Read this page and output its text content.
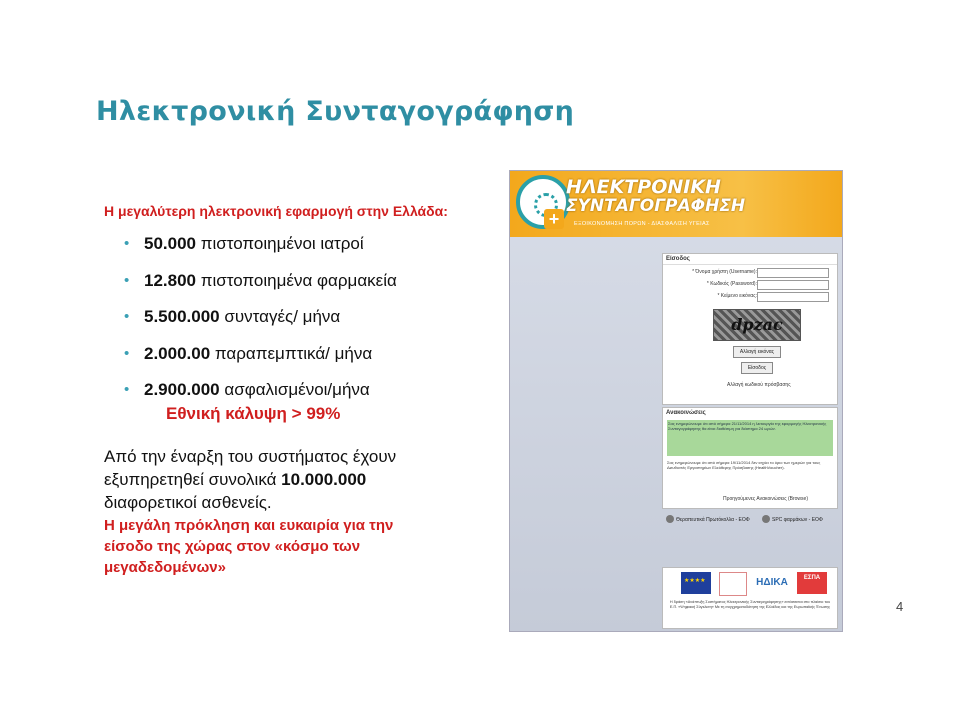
Ηλεκτρονική Συνταγογράφηση
Η μεγαλύτερη ηλεκτρονική εφαρμογή στην Ελλάδα:
• 50.000 πιστοποιημένοι ιατροί
• 12.800 πιστοποιημένα φαρμακεία
• 5.500.000 συνταγές/ μήνα
• 2.000.00 παραπεμπτικά/ μήνα
• 2.900.000 ασφαλισμένοι/μήνα
Εθνική κάλυψη > 99%
Από την έναρξη του συστήματος έχουν εξυπηρετηθεί συνολικά 10.000.000 διαφορετικοί ασθενείς.
Η μεγάλη πρόκληση και ευκαιρία για την είσοδο της χώρας στον «κόσμο των μεγαδεδομένων»
4
+
ΗΛΕΚΤΡΟΝΙΚΗ
ΣΥΝΤΑΓΟΓΡΑΦΗΣΗ
ΕΞΟΙΚΟΝΟΜΗΣΗ ΠΟΡΩΝ - ΔΙΑΣΦΑΛΙΣΗ ΥΓΕΙΑΣ
Είσοδος
* Όνομα χρήστη (Username):
* Κωδικός (Password):
* Κείμενο εικόνας:
dpzac
Αλλαγή εικόνας
Είσοδος
Αλλαγή κωδικού πρόσβασης
Ανακοινώσεις
Σας ενημερώνουμε ότι από σήμερα 21/11/2014 η λειτουργία της εφαρμογής Ηλεκτρονικής Συνταγογράφησης θα είναι διαθέσιμη για διάστημα 24 ωρών.
Σας ενημερώνουμε ότι από σήμερα 19/11/2014 δεν ισχύει το όριο των ημερών για τους Διευθυντές Εργαστηρίων Ελεύθερης Πρόσβασης (HealthVoucher).
Προηγούμενες Ανακοινώσεις (Browse)
Θεραπευτικά Πρωτόκολλα - ΕΟΦ	SPC φαρμάκων - ΕΟΦ
★★★★
ΗΔΙΚΑ	ΕΣΠΑ
Η δράση «Ανάπτυξη Συστήματος Ηλεκτρονικής Συνταγογράφησης» εντάσσεται στο πλαίσιο του Ε.Π. «Ψηφιακή Σύγκλιση» Με τη συγχρηματοδότηση της Ελλάδας και της Ευρωπαϊκής Ένωσης
